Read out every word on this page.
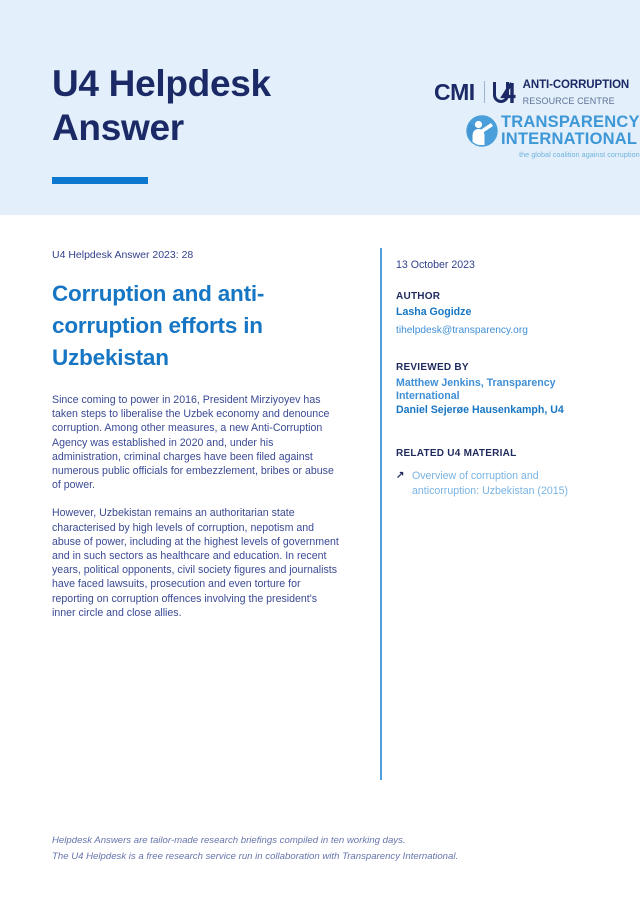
U4 Helpdesk Answer
CMI	ANTI-CORRUPTION
RESOURCE CENTRE
TRANSPARENCY
INTERNATIONAL
the global coalition against corruption
U4 Helpdesk Answer 2023: 28
Corruption and anti-corruption efforts in Uzbekistan

Since coming to power in 2016, President Mirziyoyev has taken steps to liberalise the Uzbek economy and denounce corruption. Among other measures, a new Anti-Corruption Agency was established in 2020 and, under his administration, criminal charges have been filed against numerous public officials for embezzlement, bribes or abuse of power.

However, Uzbekistan remains an authoritarian state characterised by high levels of corruption, nepotism and abuse of power, including at the highest levels of government and in such sectors as healthcare and education. In recent years, political opponents, civil society figures and journalists have faced lawsuits, prosecution and even torture for reporting on corruption offences involving the president's inner circle and close allies.

13 October 2023
AUTHOR
Lasha Gogidze
tihelpdesk@transparency.org
REVIEWED BY
Matthew Jenkins, Transparency International
Daniel Sejerøe Hausenkamph, U4
RELATED U4 MATERIAL
↗ Overview of corruption and anticorruption: Uzbekistan (2015)
Helpdesk Answers are tailor-made research briefings compiled in ten working days.
The U4 Helpdesk is a free research service run in collaboration with Transparency International.
